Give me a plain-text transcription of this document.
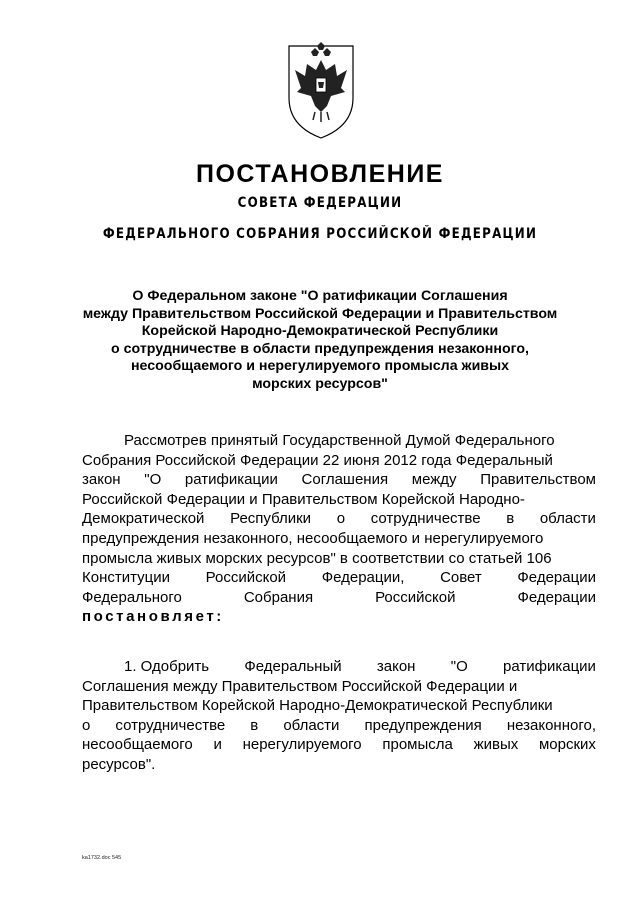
ПОСТАНОВЛЕНИЕ
СОВЕТА ФЕДЕРАЦИИ
ФЕДЕРАЛЬНОГО СОБРАНИЯ РОССИЙСКОЙ ФЕДЕРАЦИИ
О Федеральном законе "О ратификации Соглашения
между Правительством Российской Федерации и Правительством
Корейской Народно-Демократической Республики
о сотрудничестве в области предупреждения незаконного,
несообщаемого и нерегулируемого промысла живых
морских ресурсов"
Рассмотрев принятый Государственной Думой Федерального
Собрания Российской Федерации 22 июня 2012 года Федеральный
закон "О ратификации Соглашения между Правительством
Российской Федерации и Правительством Корейской Народно-
Демократической Республики о сотрудничестве в области
предупреждения незаконного, несообщаемого и нерегулируемого
промысла живых морских ресурсов" в соответствии со статьей 106
Конституции Российской Федерации, Совет Федерации
Федерального	Собрания	Российской	Федерации
постановляет:
1. Одобрить Федеральный закон "О ратификации
Соглашения между Правительством Российской Федерации и
Правительством Корейской Народно-Демократической Республики
о сотрудничестве в области предупреждения незаконного,
несообщаемого и нерегулируемого промысла живых морских
ресурсов".
ka1732.doc 545
